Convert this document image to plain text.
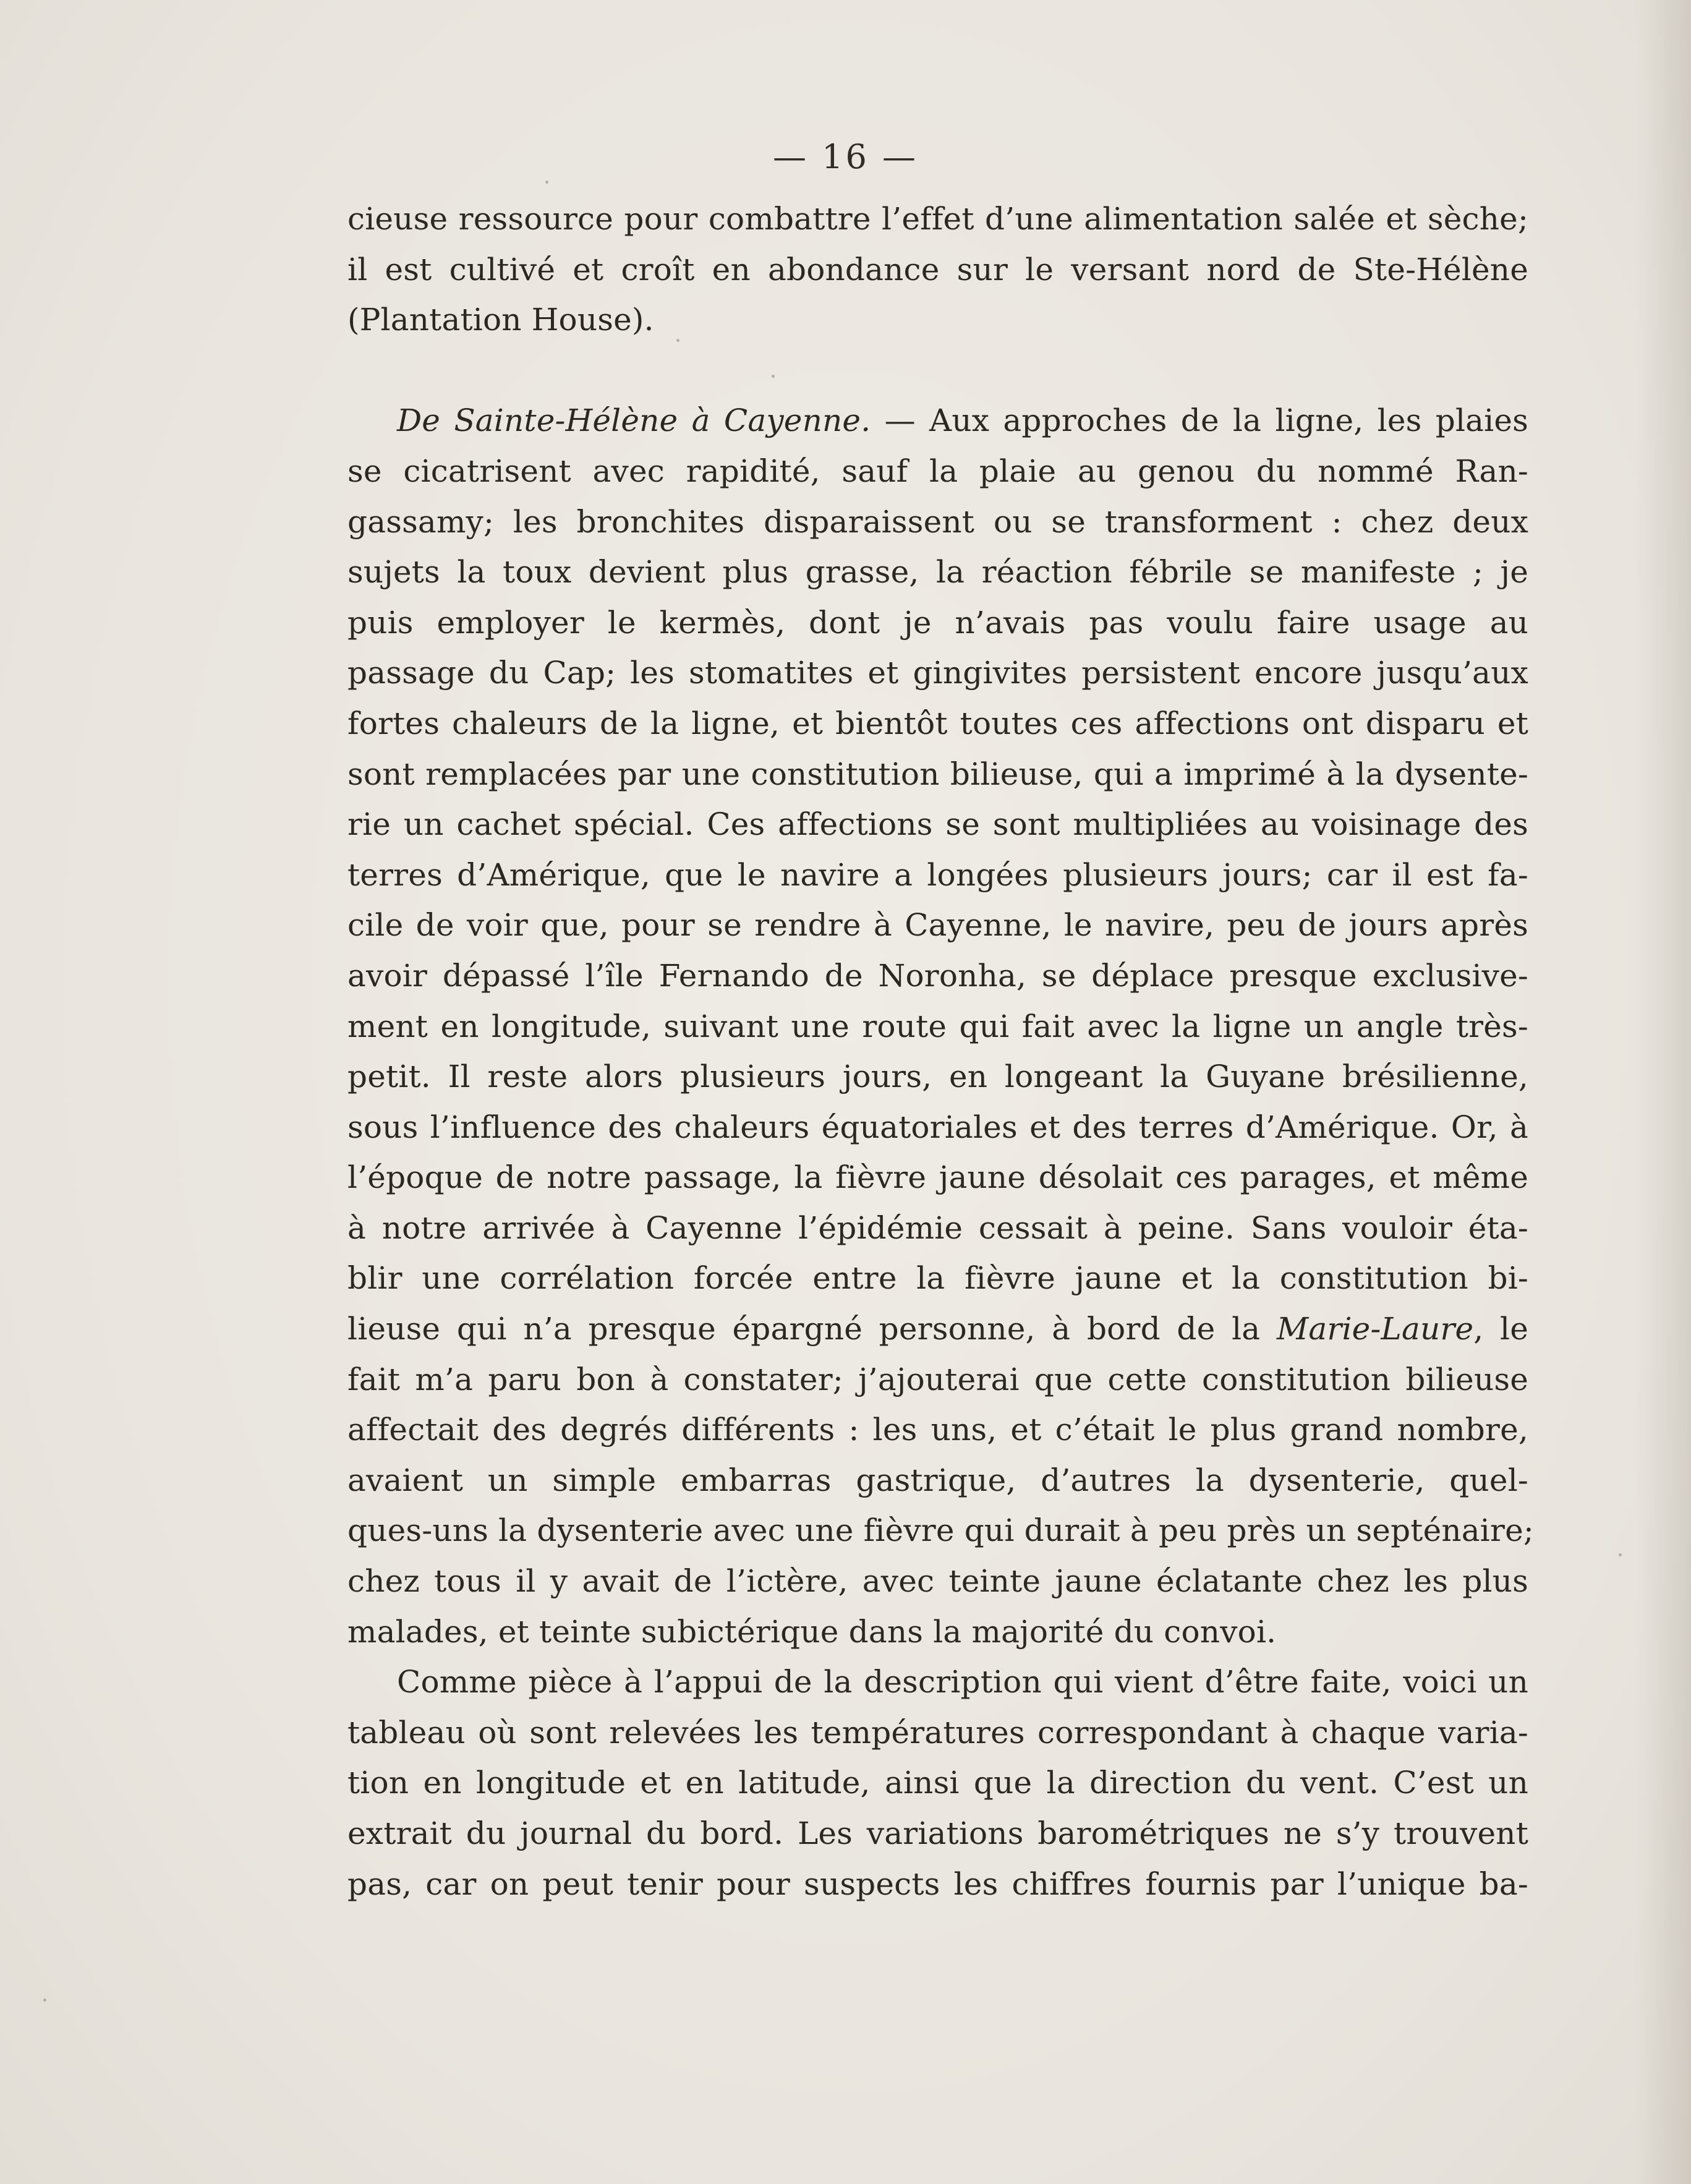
— 16 —
cieuse ressource pour combattre l’effet d’une alimentation salée et sèche;
il est cultivé et croît en abondance sur le versant nord de Ste-Hélène
(Plantation House).
De Sainte-Hélène à Cayenne. — Aux approches de la ligne, les plaies
se cicatrisent avec rapidité, sauf la plaie au genou du nommé Ran-
gassamy; les bronchites disparaissent ou se transforment : chez deux
sujets la toux devient plus grasse, la réaction fébrile se manifeste ; je
puis employer le kermès, dont je n’avais pas voulu faire usage au
passage du Cap; les stomatites et gingivites persistent encore jusqu’aux
fortes chaleurs de la ligne, et bientôt toutes ces affections ont disparu et
sont remplacées par une constitution bilieuse, qui a imprimé à la dysente-
rie un cachet spécial. Ces affections se sont multipliées au voisinage des
terres d’Amérique, que le navire a longées plusieurs jours; car il est fa-
cile de voir que, pour se rendre à Cayenne, le navire, peu de jours après
avoir dépassé l’île Fernando de Noronha, se déplace presque exclusive-
ment en longitude, suivant une route qui fait avec la ligne un angle très-
petit. Il reste alors plusieurs jours, en longeant la Guyane brésilienne,
sous l’influence des chaleurs équatoriales et des terres d’Amérique. Or, à
l’époque de notre passage, la fièvre jaune désolait ces parages, et même
à notre arrivée à Cayenne l’épidémie cessait à peine. Sans vouloir éta-
blir une corrélation forcée entre la fièvre jaune et la constitution bi-
lieuse qui n’a presque épargné personne, à bord de la Marie-Laure, le
fait m’a paru bon à constater; j’ajouterai que cette constitution bilieuse
affectait des degrés différents : les uns, et c’était le plus grand nombre,
avaient un simple embarras gastrique, d’autres la dysenterie, quel-
ques-uns la dysenterie avec une fièvre qui durait à peu près un septénaire;
chez tous il y avait de l’ictère, avec teinte jaune éclatante chez les plus
malades, et teinte subictérique dans la majorité du convoi.
Comme pièce à l’appui de la description qui vient d’être faite, voici un
tableau où sont relevées les températures correspondant à chaque varia-
tion en longitude et en latitude, ainsi que la direction du vent. C’est un
extrait du journal du bord. Les variations barométriques ne s’y trouvent
pas, car on peut tenir pour suspects les chiffres fournis par l’unique ba-
